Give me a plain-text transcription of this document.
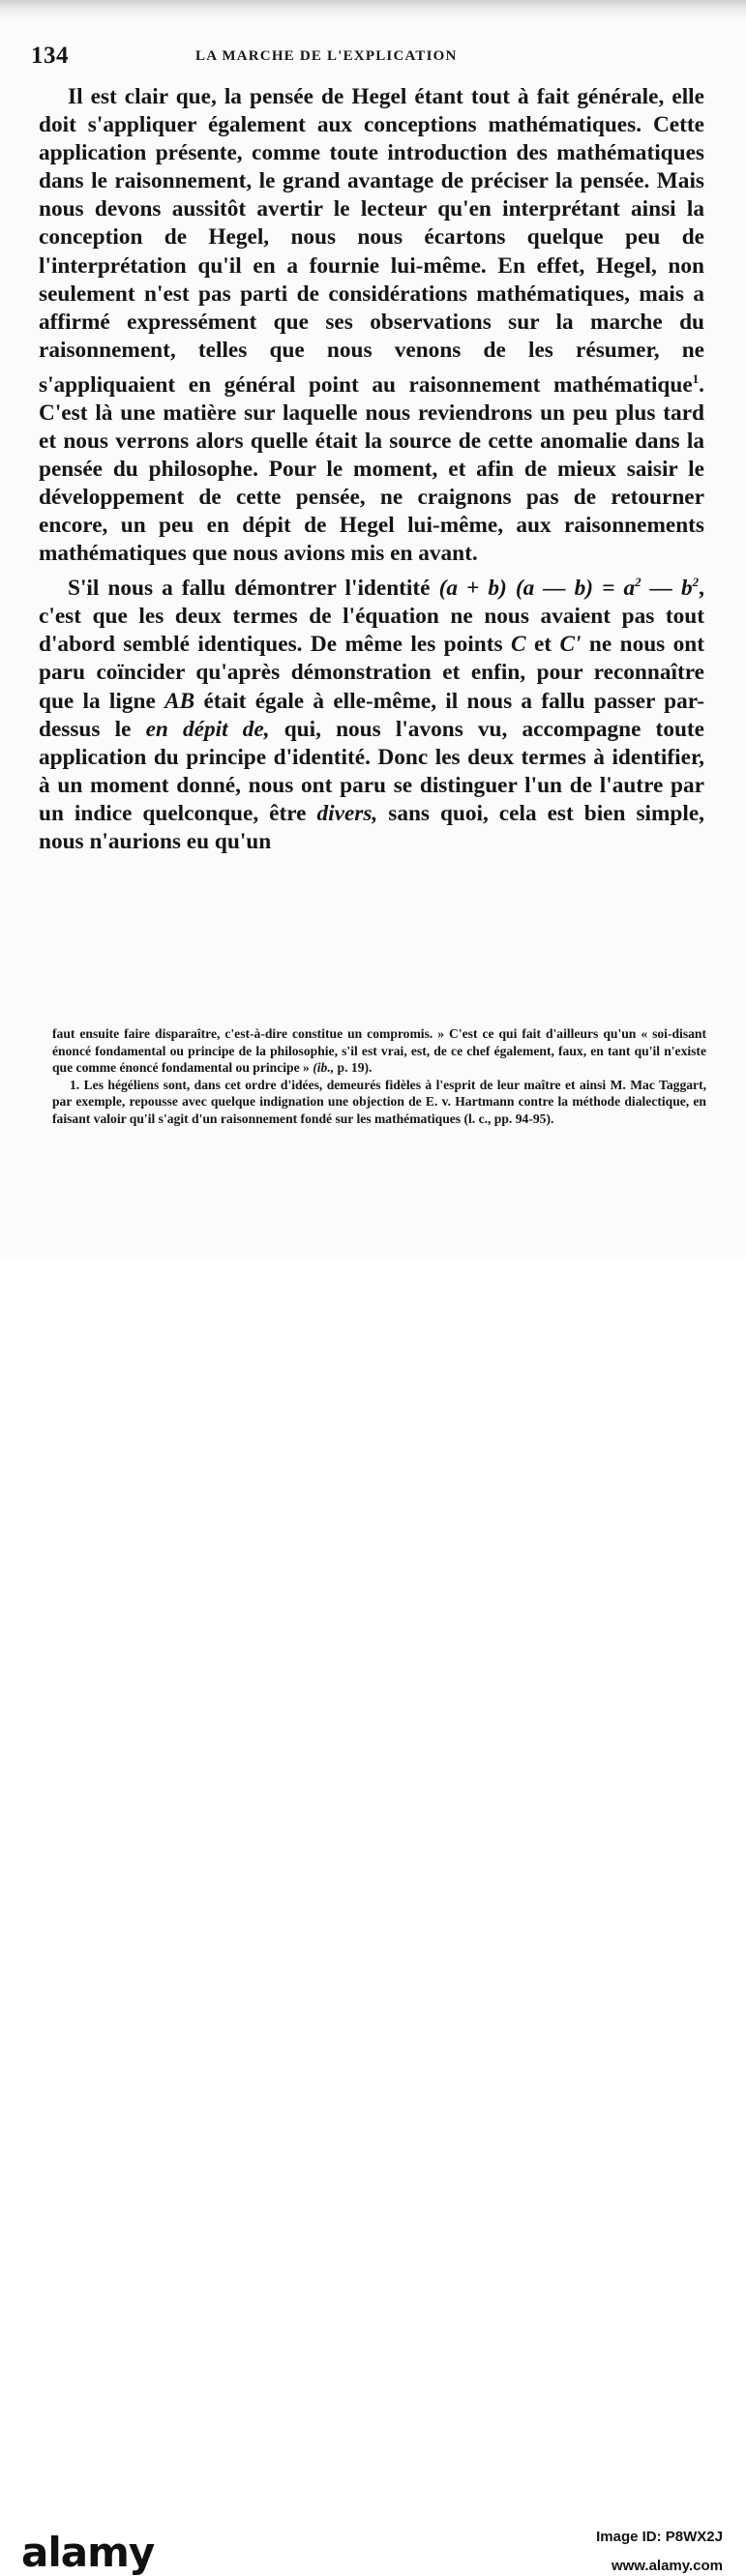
134	LA MARCHE DE L'EXPLICATION

Il est clair que, la pensée de Hegel étant tout à fait générale, elle doit s'appliquer également aux conceptions mathématiques. Cette application présente, comme toute introduction des mathématiques dans le raisonnement, le grand avantage de préciser la pensée. Mais nous devons aussitôt avertir le lecteur qu'en interprétant ainsi la conception de Hegel, nous nous écartons quelque peu de l'interprétation qu'il en a fournie lui-même. En effet, Hegel, non seulement n'est pas parti de considérations mathématiques, mais a affirmé expressément que ses observations sur la marche du raisonnement, telles que nous venons de les résumer, ne s'appliquaient en général point au raisonnement mathématique$^1$. C'est là une matière sur laquelle nous reviendrons un peu plus tard et nous verrons alors quelle était la source de cette anomalie dans la pensée du philosophe. Pour le moment, et afin de mieux saisir le développement de cette pensée, ne craignons pas de retourner encore, un peu en dépit de Hegel lui-même, aux raisonnements mathématiques que nous avions mis en avant.

S'il nous a fallu démontrer l'identité (a + b) (a — $b) = a^2$ — $b^2$, c'est que les deux termes de l'équation ne nous avaient pas tout d'abord semblé identiques. De même les points C et C' ne nous ont paru coïncider qu'après démonstration et enfin, pour reconnaître que la ligne AB était égale à elle-même, il nous a fallu passer par-dessus le en dépit de, qui, nous l'avons vu, accompagne toute application du principe d'identité. Donc les deux termes à identifier, à un moment donné, nous ont paru se distinguer l'un de l'autre par un indice quelconque, être divers, sans quoi, cela est bien simple, nous n'aurions eu qu'un

faut ensuite faire disparaître, c'est-à-dire constitue un compromis. » C'est ce qui fait d'ailleurs qu'un « soi-disant énoncé fondamental ou principe de la philosophie, s'il est vrai, est, de ce chef également, faux, en tant qu'il n'existe que comme énoncé fondamental ou principe » (ib., p. 19).

1. Les hégéliens sont, dans cet ordre d'idées, demeurés fidèles à l'esprit de leur maître et ainsi M. Mac Taggart, par exemple, repousse avec quelque indignation une objection de E. v. Hartmann contre la méthode dialectique, en faisant valoir qu'il s'agit d'un raisonnement fondé sur les mathématiques (l. c., pp. 94-95).

alamy	Image ID: P8WX2J
www.alamy.com
